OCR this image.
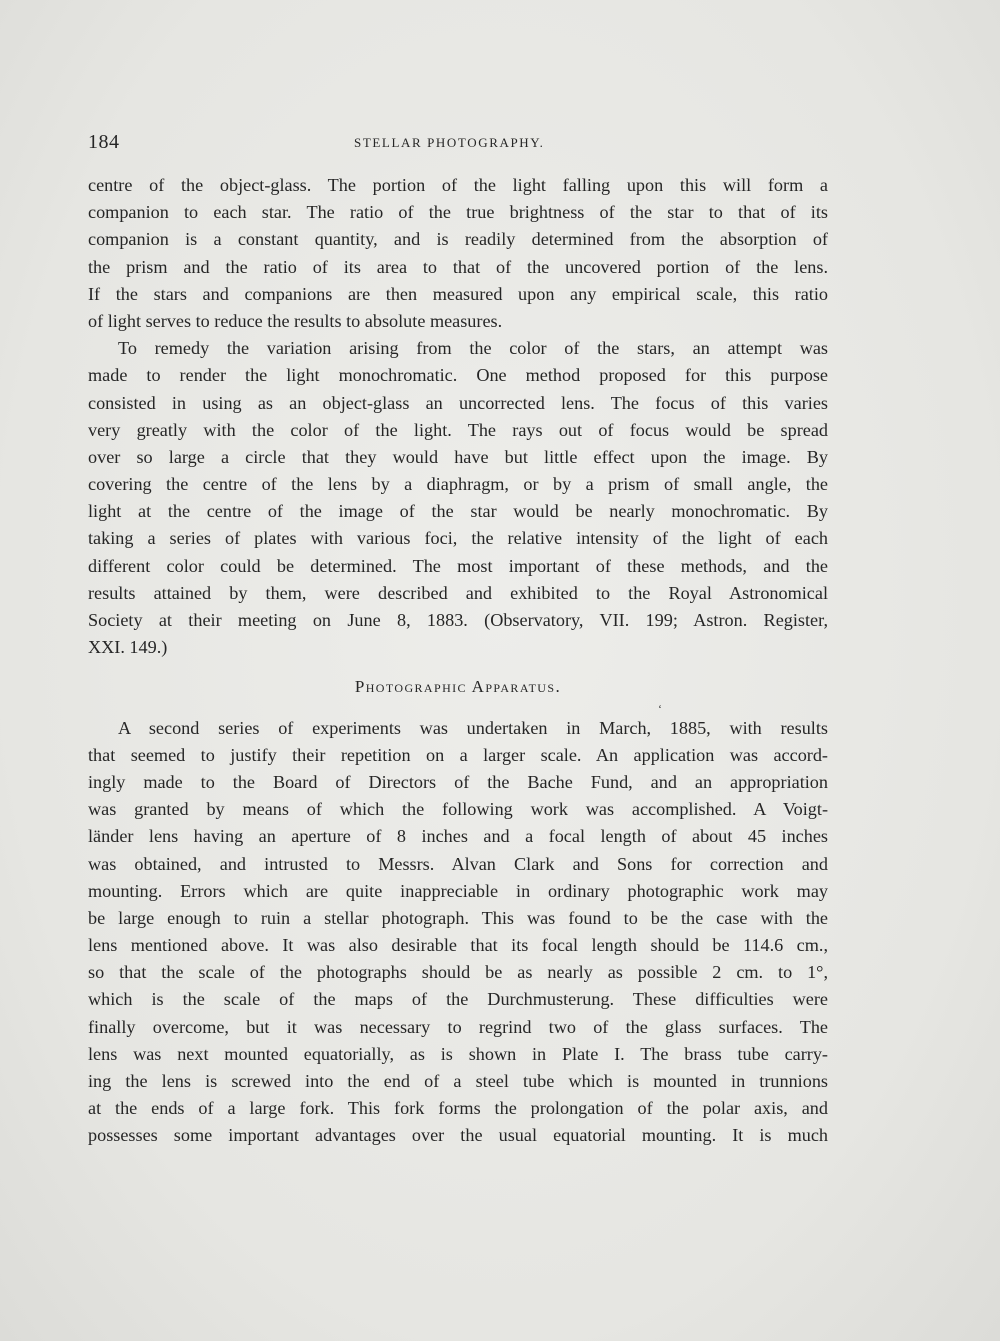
184	STELLAR PHOTOGRAPHY.
centre of the object-glass. The portion of the light falling upon this will form a
companion to each star. The ratio of the true brightness of the star to that of its
companion is a constant quantity, and is readily determined from the absorption of
the prism and the ratio of its area to that of the uncovered portion of the lens.
If the stars and companions are then measured upon any empirical scale, this ratio
of light serves to reduce the results to absolute measures.
To remedy the variation arising from the color of the stars, an attempt was
made to render the light monochromatic. One method proposed for this purpose
consisted in using as an object-glass an uncorrected lens. The focus of this varies
very greatly with the color of the light. The rays out of focus would be spread
over so large a circle that they would have but little effect upon the image. By
covering the centre of the lens by a diaphragm, or by a prism of small angle, the
light at the centre of the image of the star would be nearly monochromatic. By
taking a series of plates with various foci, the relative intensity of the light of each
different color could be determined. The most important of these methods, and the
results attained by them, were described and exhibited to the Royal Astronomical
Society at their meeting on June 8, 1883. (Observatory, VII. 199; Astron. Register,
XXI. 149.)
Photographic Apparatus.
A second series of experiments was undertaken in March, 1885, with results
that seemed to justify their repetition on a larger scale. An application was accord-
ingly made to the Board of Directors of the Bache Fund, and an appropriation
was granted by means of which the following work was accomplished. A Voigt-
länder lens having an aperture of 8 inches and a focal length of about 45 inches
was obtained, and intrusted to Messrs. Alvan Clark and Sons for correction and
mounting. Errors which are quite inappreciable in ordinary photographic work may
be large enough to ruin a stellar photograph. This was found to be the case with the
lens mentioned above. It was also desirable that its focal length should be 114.6 cm.,
so that the scale of the photographs should be as nearly as possible 2 cm. to 1°,
which is the scale of the maps of the Durchmusterung. These difficulties were
finally overcome, but it was necessary to regrind two of the glass surfaces. The
lens was next mounted equatorially, as is shown in Plate I. The brass tube carry-
ing the lens is screwed into the end of a steel tube which is mounted in trunnions
at the ends of a large fork. This fork forms the prolongation of the polar axis, and
possesses some important advantages over the usual equatorial mounting. It is much
‘
